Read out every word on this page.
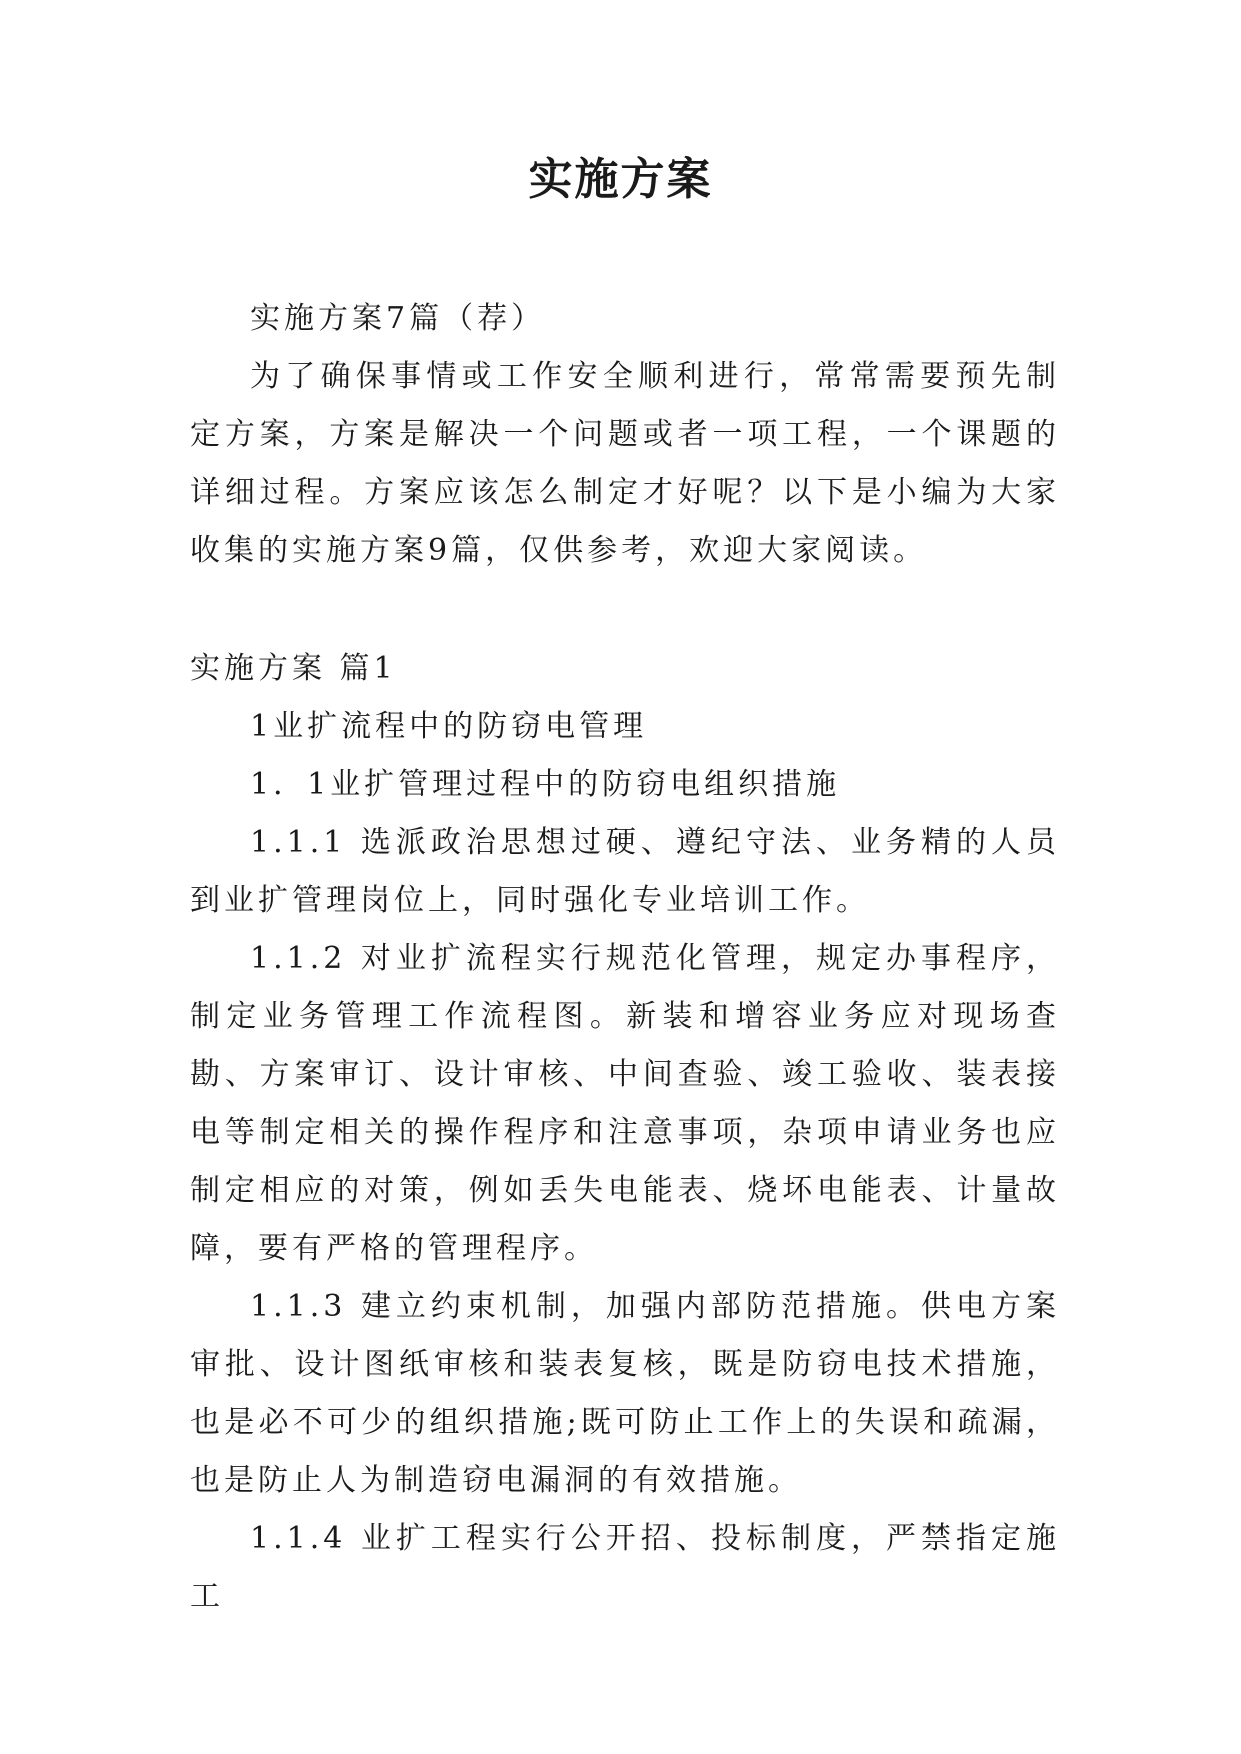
实施方案

实施方案7篇（荐）

为了确保事情或工作安全顺利进行，常常需要预先制定方案，方案是解决一个问题或者一项工程，一个课题的详细过程。方案应该怎么制定才好呢？以下是小编为大家收集的实施方案9篇，仅供参考，欢迎大家阅读。

实施方案 篇1

1业扩流程中的防窃电管理

1．1业扩管理过程中的防窃电组织措施

1.1.1 选派政治思想过硬、遵纪守法、业务精的人员到业扩管理岗位上，同时强化专业培训工作。

1.1.2 对业扩流程实行规范化管理，规定办事程序，制定业务管理工作流程图。新装和增容业务应对现场查勘、方案审订、设计审核、中间查验、竣工验收、装表接电等制定相关的操作程序和注意事项，杂项申请业务也应制定相应的对策，例如丢失电能表、烧坏电能表、计量故障，要有严格的管理程序。

1.1.3 建立约束机制，加强内部防范措施。供电方案审批、设计图纸审核和装表复核，既是防窃电技术措施，也是必不可少的组织措施;既可防止工作上的失误和疏漏，也是防止人为制造窃电漏洞的有效措施。

1.1.4 业扩工程实行公开招、投标制度，严禁指定施工
